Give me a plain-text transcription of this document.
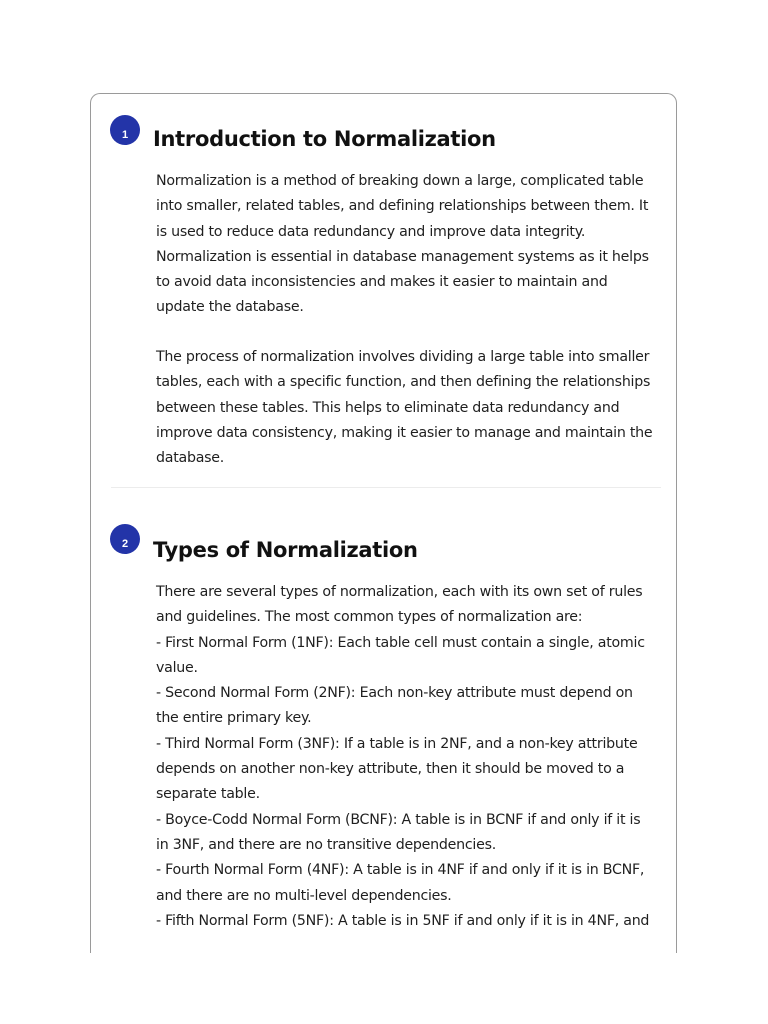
1	Introduction to Normalization

Normalization is a method of breaking down a large, complicated table into smaller, related tables, and defining relationships between them. It is used to reduce data redundancy and improve data integrity. Normalization is essential in database management systems as it helps to avoid data inconsistencies and makes it easier to maintain and update the database.

The process of normalization involves dividing a large table into smaller tables, each with a specific function, and then defining the relationships between these tables. This helps to eliminate data redundancy and improve data consistency, making it easier to manage and maintain the database.

2	Types of Normalization
There are several types of normalization, each with its own set of rules and guidelines. The most common types of normalization are:
- First Normal Form (1NF): Each table cell must contain a single, atomic value.
- Second Normal Form (2NF): Each non-key attribute must depend on the entire primary key.
- Third Normal Form (3NF): If a table is in 2NF, and a non-key attribute depends on another non-key attribute, then it should be moved to a separate table.
- Boyce-Codd Normal Form (BCNF): A table is in BCNF if and only if it is in 3NF, and there are no transitive dependencies.
- Fourth Normal Form (4NF): A table is in 4NF if and only if it is in BCNF, and there are no multi-level dependencies.
- Fifth Normal Form (5NF): A table is in 5NF if and only if it is in 4NF, and
